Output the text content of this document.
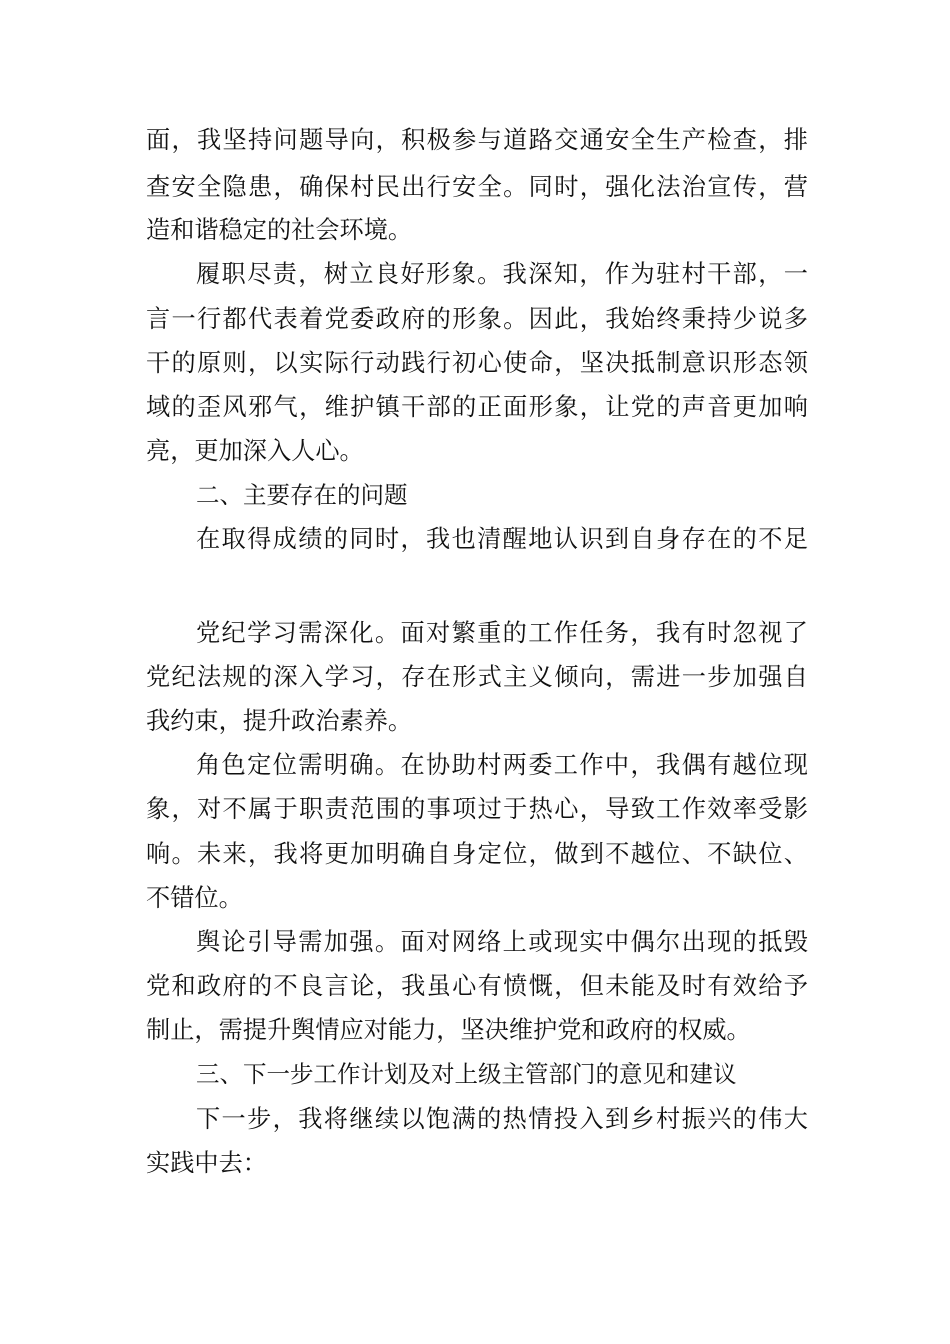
面，我坚持问题导向，积极参与道路交通安全生产检查，排
查安全隐患，确保村民出行安全。同时，强化法治宣传，营
造和谐稳定的社会环境。
履职尽责，树立良好形象。我深知，作为驻村干部，一
言一行都代表着党委政府的形象。因此，我始终秉持少说多
干的原则，以实际行动践行初心使命，坚决抵制意识形态领
域的歪风邪气，维护镇干部的正面形象，让党的声音更加响
亮，更加深入人心。
二、主要存在的问题
在取得成绩的同时，我也清醒地认识到自身存在的不足
党纪学习需深化。面对繁重的工作任务，我有时忽视了
党纪法规的深入学习，存在形式主义倾向，需进一步加强自
我约束，提升政治素养。
角色定位需明确。在协助村两委工作中，我偶有越位现
象，对不属于职责范围的事项过于热心，导致工作效率受影
响。未来，我将更加明确自身定位，做到不越位、不缺位、
不错位。
舆论引导需加强。面对网络上或现实中偶尔出现的抵毁
党和政府的不良言论，我虽心有愤慨，但未能及时有效给予
制止，需提升舆情应对能力，坚决维护党和政府的权威。
三、下一步工作计划及对上级主管部门的意见和建议
下一步，我将继续以饱满的热情投入到乡村振兴的伟大
实践中去：
